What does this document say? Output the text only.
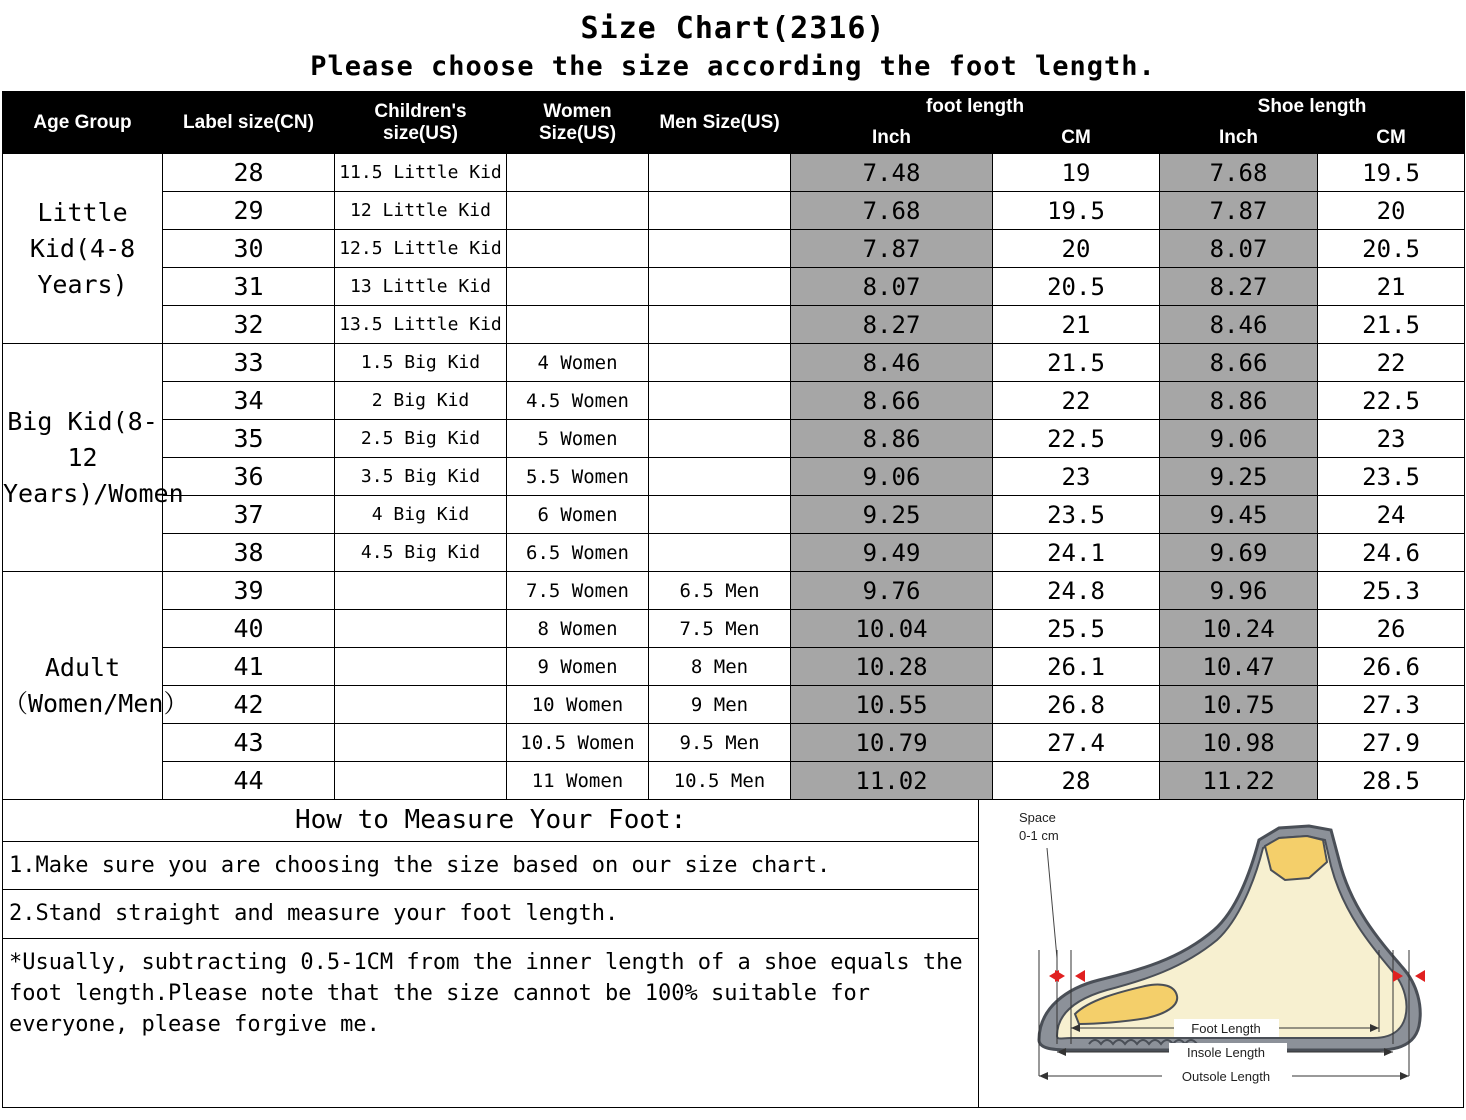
Size Chart(2316)
Please choose the size according the foot length.
Age Group	Label size(CN)	Children's size(US)	Women Size(US)	Men Size(US)	foot length		Shoe length	
					Inch	CM	Inch	CM
Little Kid(4-8 Years)	28	11.5 Little Kid			7.48	19	7.68	19.5
	29	12 Little Kid			7.68	19.5	7.87	20
	30	12.5 Little Kid			7.87	20	8.07	20.5
	31	13 Little Kid			8.07	20.5	8.27	21
	32	13.5 Little Kid			8.27	21	8.46	21.5
Big Kid(8-12 Years)/Women	33	1.5 Big Kid	4 Women		8.46	21.5	8.66	22
	34	2 Big Kid	4.5 Women		8.66	22	8.86	22.5
	35	2.5 Big Kid	5 Women		8.86	22.5	9.06	23
	36	3.5 Big Kid	5.5 Women		9.06	23	9.25	23.5
	37	4 Big Kid	6 Women		9.25	23.5	9.45	24
	38	4.5 Big Kid	6.5 Women		9.49	24.1	9.69	24.6
Adult（Women/Men）	39		7.5 Women	6.5 Men	9.76	24.8	9.96	25.3
	40		8 Women	7.5 Men	10.04	25.5	10.24	26
	41		9 Women	8 Men	10.28	26.1	10.47	26.6
	42		10 Women	9 Men	10.55	26.8	10.75	27.3
	43		10.5 Women	9.5 Men	10.79	27.4	10.98	27.9
	44		11 Women	10.5 Men	11.02	28	11.22	28.5
How to Measure Your Foot:
1.Make sure you are choosing the size based on our size chart.
2.Stand straight and measure your foot length.
*Usually, subtracting 0.5-1CM from the inner length of a shoe equals the foot length.Please note that the size cannot be 100% suitable for everyone, please forgive me.
Space
0-1 cm
Foot Length
Insole Length
Outsole Length
